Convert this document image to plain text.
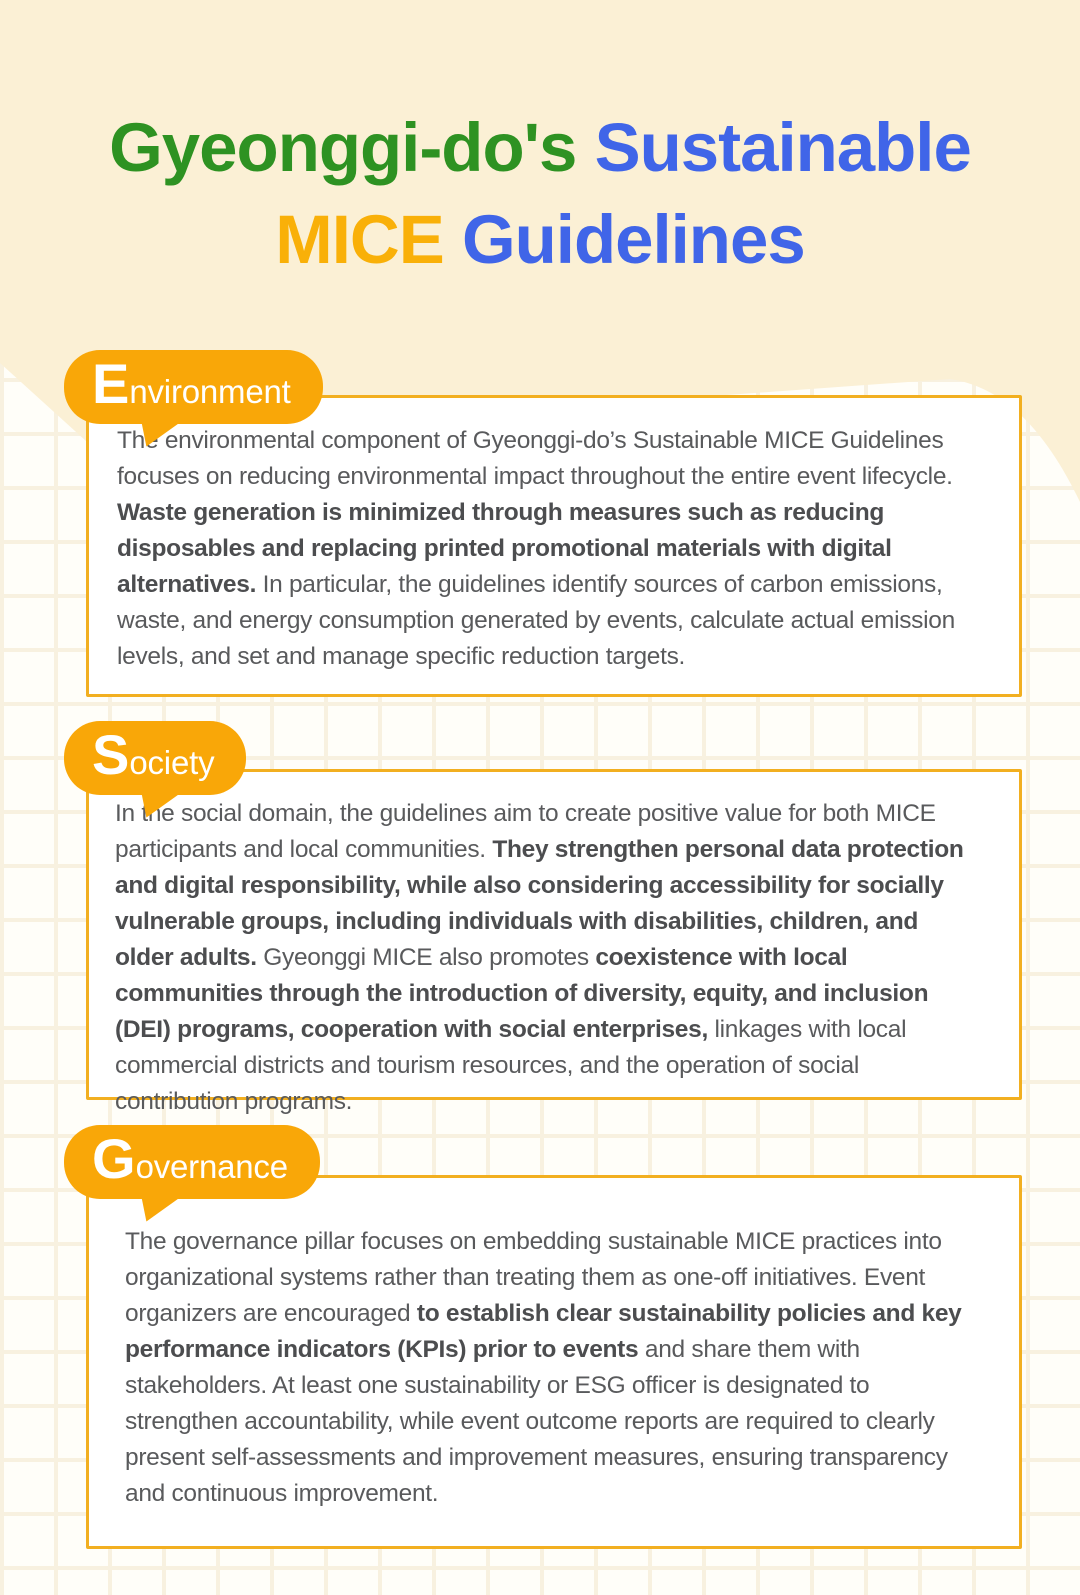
Gyeonggi-do's Sustainable
MICE Guidelines
E nvironment

The environmental component of Gyeonggi-do’s Sustainable MICE Guidelines focuses on reducing environmental impact throughout the entire event lifecycle. Waste generation is minimized through measures such as reducing disposables and replacing printed promotional materials with digital alternatives. In particular, the guidelines identify sources of carbon emissions, waste, and energy consumption generated by events, calculate actual emission levels, and set and manage specific reduction targets.

S ociety

In the social domain, the guidelines aim to create positive value for both MICE participants and local communities. They strengthen personal data protection and digital responsibility, while also considering accessibility for socially vulnerable groups, including individuals with disabilities, children, and older adults. Gyeonggi MICE also promotes coexistence with local communities through the introduction of diversity, equity, and inclusion (DEI) programs, cooperation with social enterprises, linkages with local commercial districts and tourism resources, and the operation of social contribution programs.

G overnance

The governance pillar focuses on embedding sustainable MICE practices into organizational systems rather than treating them as one-off initiatives. Event organizers are encouraged to establish clear sustainability policies and key performance indicators (KPIs) prior to events and share them with stakeholders. At least one sustainability or ESG officer is designated to strengthen accountability, while event outcome reports are required to clearly present self-assessments and improvement measures, ensuring transparency and continuous improvement.
